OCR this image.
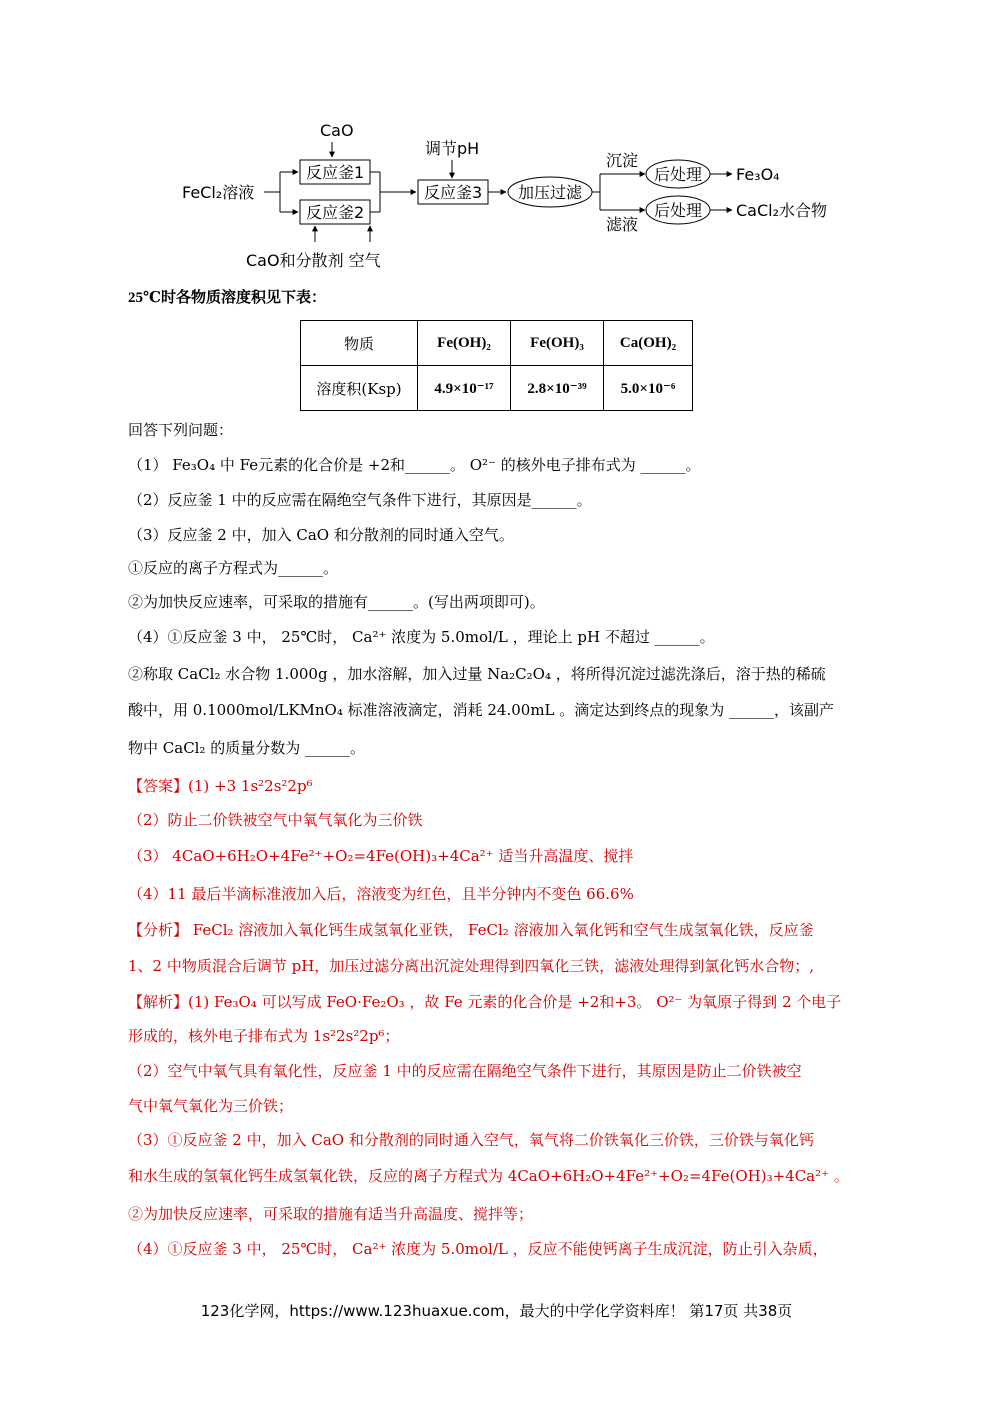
CaO
FeCl₂溶液
反应釜1
反应釜2
CaO和分散剂 空气
调节pH
反应釜3 加压过滤
沉淀
滤液
后处理
后处理
Fe₃O₄
CaCl₂水合物
25℃时各物质溶度积见下表：
物质	Fe(OH)₂	Fe(OH)₃	Ca(OH)₂
溶度积(Ksp)	4.9×10⁻¹⁷	2.8×10⁻³⁹	5.0×10⁻⁶
回答下列问题：
（1） Fe₃O₄ 中 Fe元素的化合价是 +2和______。 O²⁻ 的核外电子排布式为 ______。
（2）反应釜 1 中的反应需在隔绝空气条件下进行，其原因是______。
（3）反应釜 2 中，加入 CaO 和分散剂的同时通入空气。
①反应的离子方程式为______。
②为加快反应速率，可采取的措施有______。(写出两项即可)。
（4）①反应釜 3 中， 25℃时， Ca²⁺ 浓度为 5.0mol/L ，理论上 pH 不超过 ______。
②称取 CaCl₂ 水合物 1.000g ，加水溶解，加入过量 Na₂C₂O₄ ，将所得沉淀过滤洗涤后，溶于热的稀硫
酸中，用 0.1000mol/LKMnO₄ 标准溶液滴定，消耗 24.00mL 。滴定达到终点的现象为 ______，该副产
物中 CaCl₂ 的质量分数为 ______。
【答案】(1) +3 1s²2s²2p⁶
（2）防止二价铁被空气中氧气氧化为三价铁
（3） 4CaO+6H₂O+4Fe²⁺+O₂=4Fe(OH)₃+4Ca²⁺ 适当升高温度、搅拌
（4）11 最后半滴标准液加入后，溶液变为红色，且半分钟内不变色 66.6%
【分析】 FeCl₂ 溶液加入氧化钙生成氢氧化亚铁， FeCl₂ 溶液加入氧化钙和空气生成氢氧化铁，反应釜
1、2 中物质混合后调节 pH，加压过滤分离出沉淀处理得到四氧化三铁，滤液处理得到氯化钙水合物；,
【解析】(1) Fe₃O₄ 可以写成 FeO·Fe₂O₃ ，故 Fe 元素的化合价是 +2和+3。 O²⁻ 为氧原子得到 2 个电子
形成的，核外电子排布式为 1s²2s²2p⁶；
（2）空气中氧气具有氧化性，反应釜 1 中的反应需在隔绝空气条件下进行，其原因是防止二价铁被空
气中氧气氧化为三价铁；
（3）①反应釜 2 中，加入 CaO 和分散剂的同时通入空气，氧气将二价铁氧化三价铁，三价铁与氧化钙
和水生成的氢氧化钙生成氢氧化铁，反应的离子方程式为 4CaO+6H₂O+4Fe²⁺+O₂=4Fe(OH)₃+4Ca²⁺ 。
②为加快反应速率，可采取的措施有适当升高温度、搅拌等；
（4）①反应釜 3 中， 25℃时， Ca²⁺ 浓度为 5.0mol/L ，反应不能使钙离子生成沉淀，防止引入杂质，
123化学网，https://www.123huaxue.com，最大的中学化学资料库！ 第17页 共38页
